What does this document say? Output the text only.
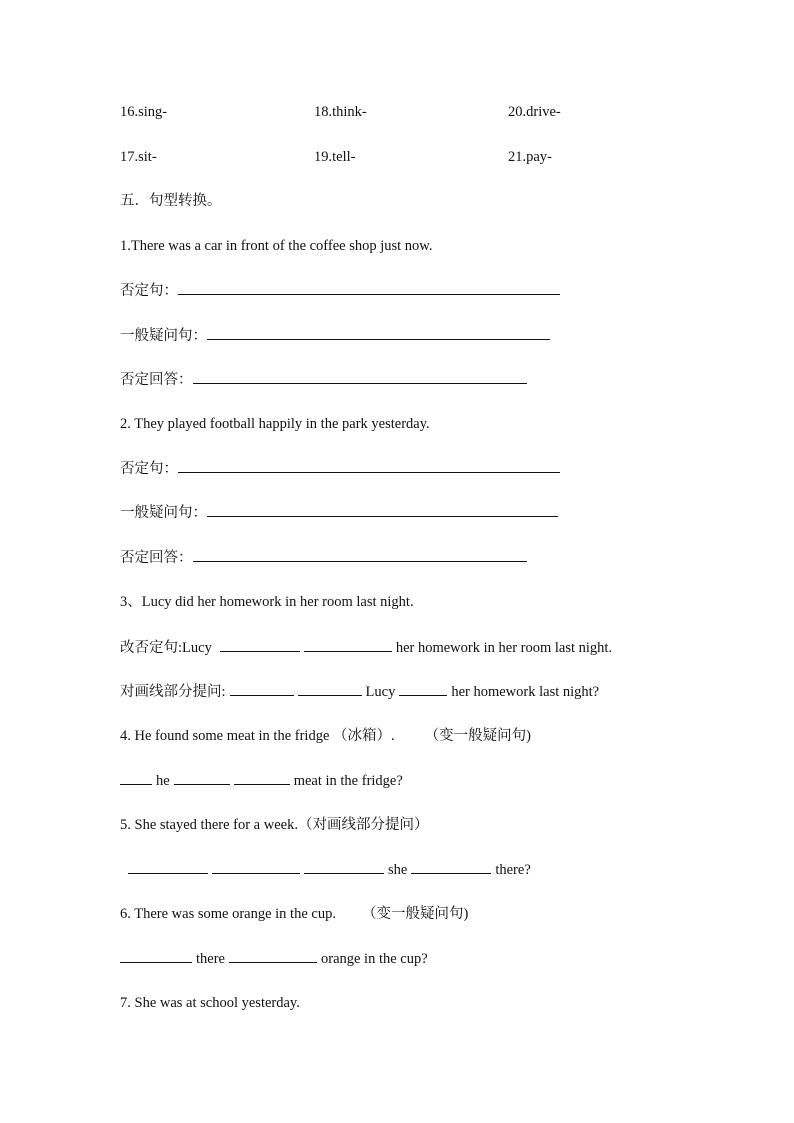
16.sing-	18.think-	20.drive-
17.sit-	19.tell-	21.pay-
五．句型转换。
1.There was a car in front of the coffee shop just now.
否定句：
一般疑问句：
否定回答：
2. They played football happily in the park yesterday.
否定句：
一般疑问句：
否定回答：
3、Lucy did her homework in her room last night.
改否定句:Lucy	her homework in her room last night.
对画线部分提问:	Lucy	her homework last night?
4. He found some meat in the fridge （冰箱）. （变一般疑问句)
he	meat in the fridge?
5. She stayed there for a week.（对画线部分提问）
she	there?
6. There was some orange in the cup. （变一般疑问句)
there	orange in the cup?
7. She was at school yesterday.
